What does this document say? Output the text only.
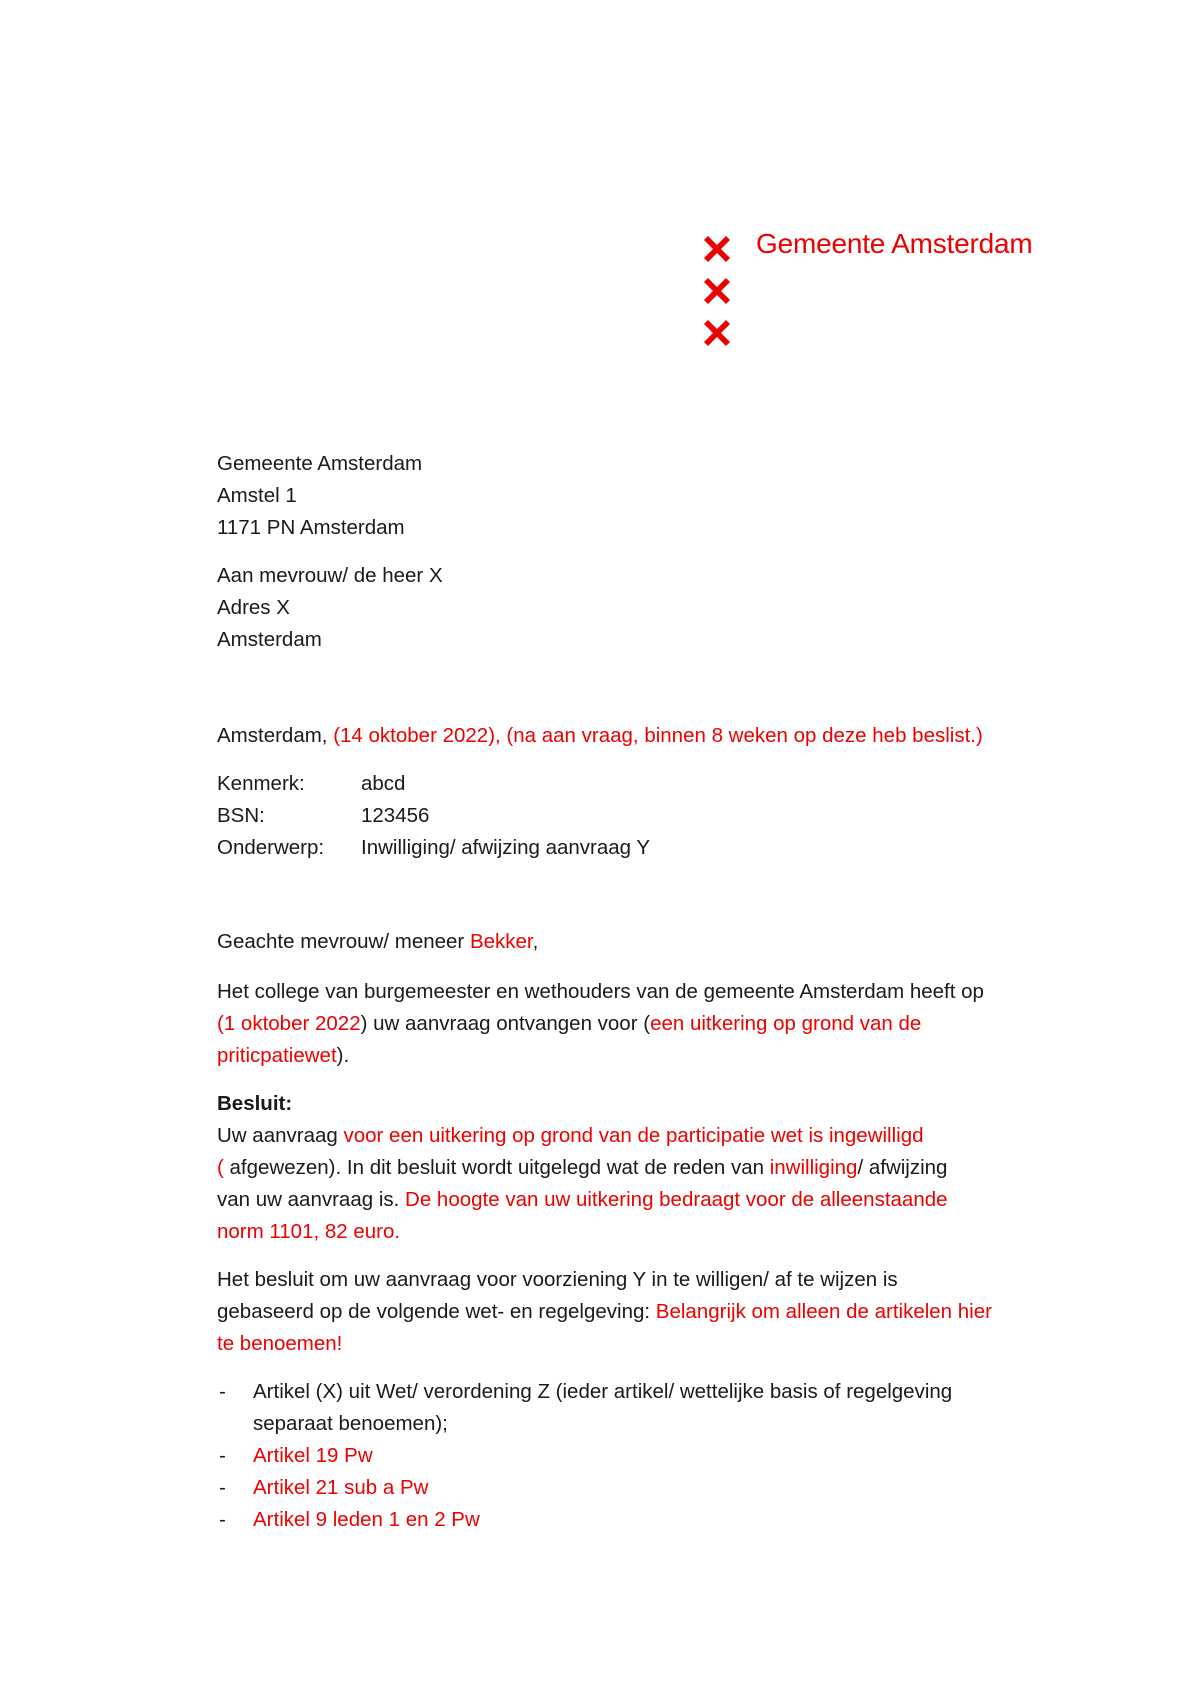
Gemeente Amsterdam
Gemeente Amsterdam
Amstel 1
1171 PN Amsterdam
Aan mevrouw/ de heer X
Adres X
Amsterdam
Amsterdam, (14 oktober 2022), (na aan vraag, binnen 8 weken op deze heb beslist.)
Kenmerk:	abcd
BSN:	123456
Onderwerp:	Inwilliging/ afwijzing aanvraag Y
Geachte mevrouw/ meneer Bekker,
Het college van burgemeester en wethouders van de gemeente Amsterdam heeft op
(1 oktober 2022) uw aanvraag ontvangen voor (een uitkering op grond van de
priticpatiewet).
Besluit:
Uw aanvraag voor een uitkering op grond van de participatie wet is ingewilligd
( afgewezen). In dit besluit wordt uitgelegd wat de reden van inwilliging/ afwijzing
van uw aanvraag is. De hoogte van uw uitkering bedraagt voor de alleenstaande
norm 1101, 82 euro.
Het besluit om uw aanvraag voor voorziening Y in te willigen/ af te wijzen is
gebaseerd op de volgende wet- en regelgeving: Belangrijk om alleen de artikelen hier
te benoemen!
- Artikel (X) uit Wet/ verordening Z (ieder artikel/ wettelijke basis of regelgeving
separaat benoemen);
- Artikel 19 Pw
- Artikel 21 sub a Pw
- Artikel 9 leden 1 en 2 Pw
